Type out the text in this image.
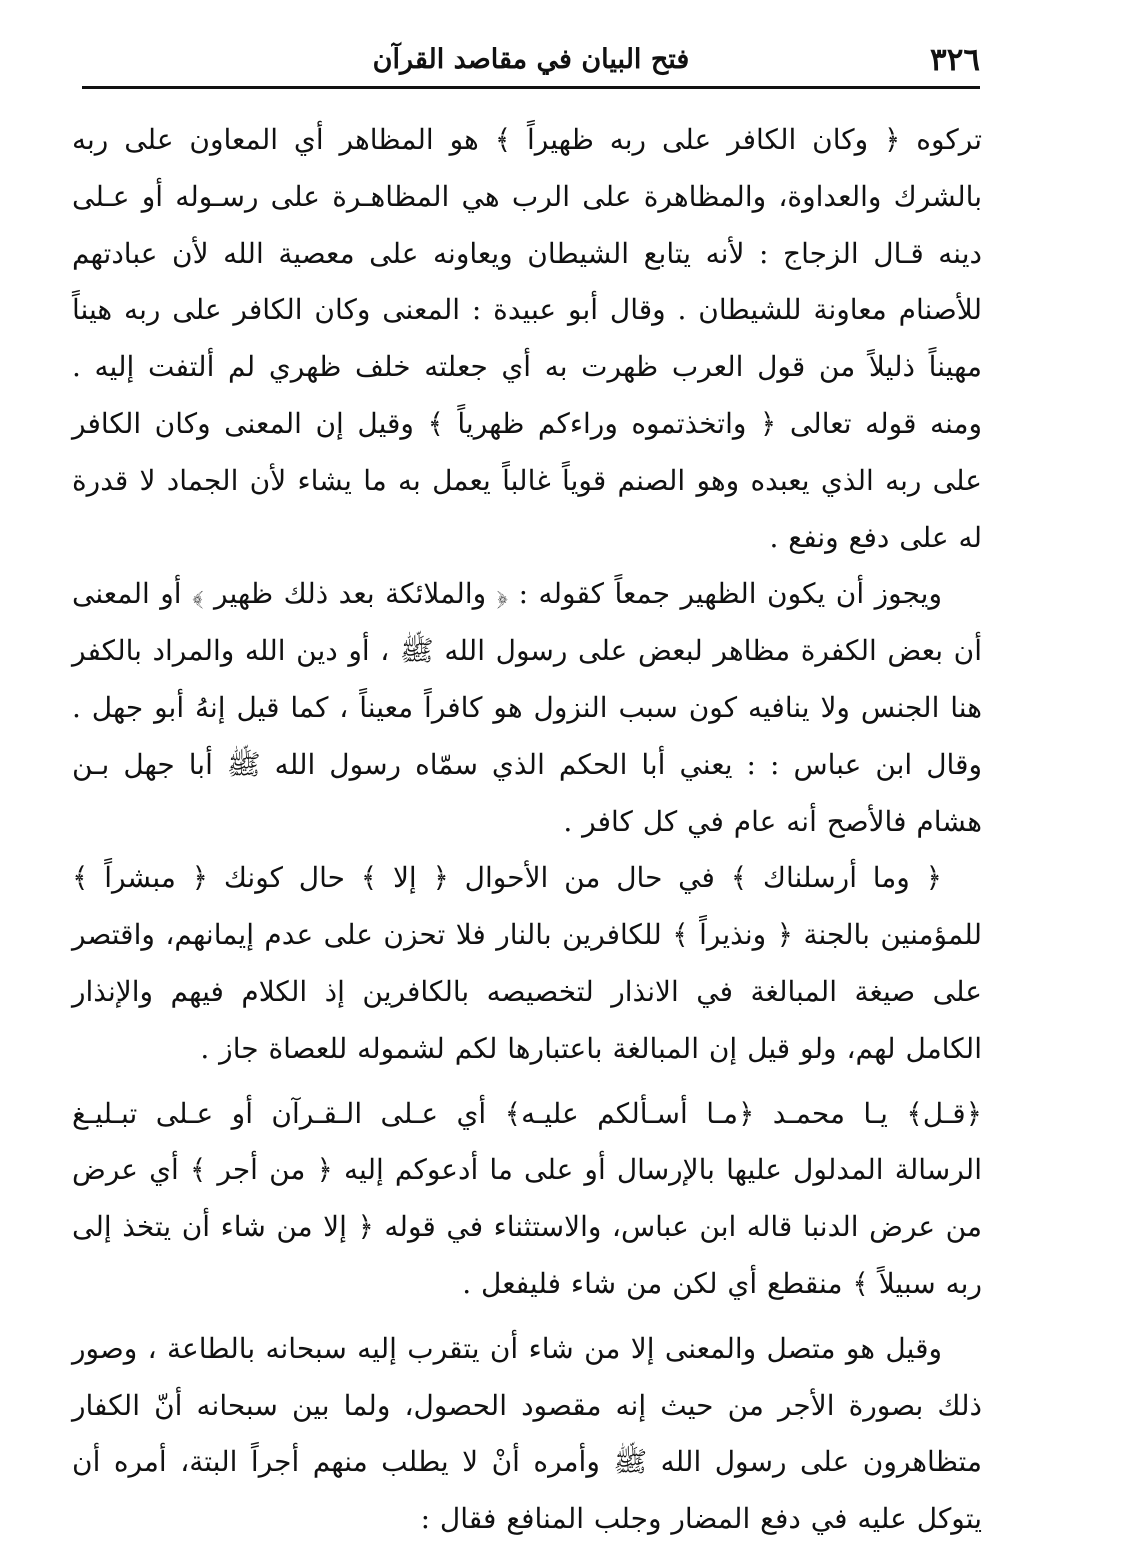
٣٢٦
فتح البيان في مقاصد القرآن

تركوه ﴿ وكان الكافر على ربه ظهيراً ﴾ هو المظاهر أي المعاون على ربه بالشرك والعداوة، والمظاهرة على الرب هي المظاهـرة على رسـوله أو عـلى دينه قـال الزجاج : لأنه يتابع الشيطان ويعاونه على معصية الله لأن عبادتهم للأصنام معاونة للشيطان . وقال أبو عبيدة : المعنى وكان الكافر على ربه هيناً مهيناً ذليلاً من قول العرب ظهرت به أي جعلته خلف ظهري لم ألتفت إليه . ومنه قوله تعالى ﴿ واتخذتموه وراءكم ظهرياً ﴾ وقيل إن المعنى وكان الكافر على ربه الذي يعبده وهو الصنم قوياً غالباً يعمل به ما يشاء لأن الجماد لا قدرة له على دفع ونفع .

ويجوز أن يكون الظهير جمعاً كقوله : ﴿ والملائكة بعد ذلك ظهير ﴾ أو المعنى أن بعض الكفرة مظاهر لبعض على رسول الله ﷺ ، أو دين الله والمراد بالكفر هنا الجنس ولا ينافيه كون سبب النزول هو كافراً معيناً ، كما قيل إنهُ أبو جهل . وقال ابن عباس : : يعني أبا الحكم الذي سمّاه رسول الله ﷺ أبا جهل بـن هشام فالأصح أنه عام في كل كافر .

﴿ وما أرسلناك ﴾ في حال من الأحوال ﴿ إلا ﴾ حال كونك ﴿ مبشراً ﴾ للمؤمنين بالجنة ﴿ ونذيراً ﴾ للكافرين بالنار فلا تحزن على عدم إيمانهم، واقتصر على صيغة المبالغة في الانذار لتخصيصه بالكافرين إذ الكلام فيهم والإنذار الكامل لهم، ولو قيل إن المبالغة باعتبارها لكم لشموله للعصاة جاز .

﴿قـل﴾ يـا محمـد ﴿مـا أسـألكم عليـه﴾ أي عـلى الـقـرآن أو عـلى تبـليـغ الرسالة المدلول عليها بالإرسال أو على ما أدعوكم إليه ﴿ من أجر ﴾ أي عرض من عرض الدنبا قاله ابن عباس، والاستثناء في قوله ﴿ إلا من شاء أن يتخذ إلى ربه سبيلاً ﴾ منقطع أي لكن من شاء فليفعل .

وقيل هو متصل والمعنى إلا من شاء أن يتقرب إليه سبحانه بالطاعة ، وصور ذلك بصورة الأجر من حيث إنه مقصود الحصول، ولما بين سبحانه أنّ الكفار متظاهرون على رسول الله ﷺ وأمره أنْ لا يطلب منهم أجراً البتة، أمره أن يتوكل عليه في دفع المضار وجلب المنافع فقال :
